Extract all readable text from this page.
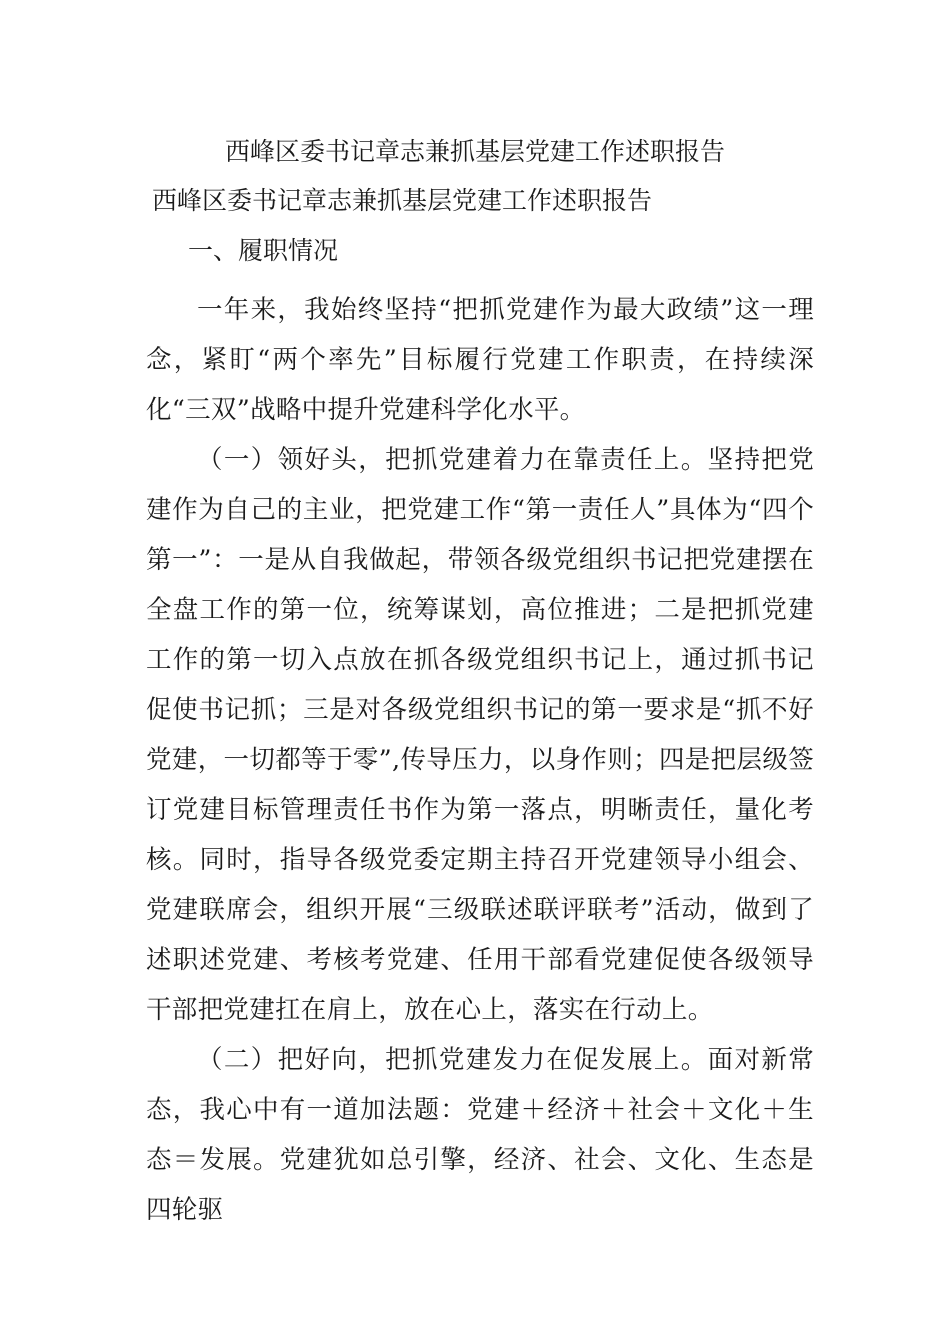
西峰区委书记章志兼抓基层党建工作述职报告
西峰区委书记章志兼抓基层党建工作述职报告
一、履职情况

一年来，我始终坚持“把抓党建作为最大政绩”这一理念，紧盯“两个率先”目标履行党建工作职责，在持续深化“三双”战略中提升党建科学化水平。

（一）领好头，把抓党建着力在靠责任上。坚持把党建作为自己的主业，把党建工作“第一责任人”具体为“四个第一”：一是从自我做起，带领各级党组织书记把党建摆在全盘工作的第一位，统筹谋划，高位推进；二是把抓党建工作的第一切入点放在抓各级党组织书记上，通过抓书记促使书记抓；三是对各级党组织书记的第一要求是“抓不好党建，一切都等于零”,传导压力，以身作则；四是把层级签订党建目标管理责任书作为第一落点，明晰责任，量化考核。同时，指导各级党委定期主持召开党建领导小组会、党建联席会，组织开展“三级联述联评联考”活动，做到了述职述党建、考核考党建、任用干部看党建促使各级领导干部把党建扛在肩上，放在心上，落实在行动上。

（二）把好向，把抓党建发力在促发展上。面对新常态，我心中有一道加法题：党建＋经济＋社会＋文化＋生态＝发展。党建犹如总引擎，经济、社会、文化、生态是四轮驱
